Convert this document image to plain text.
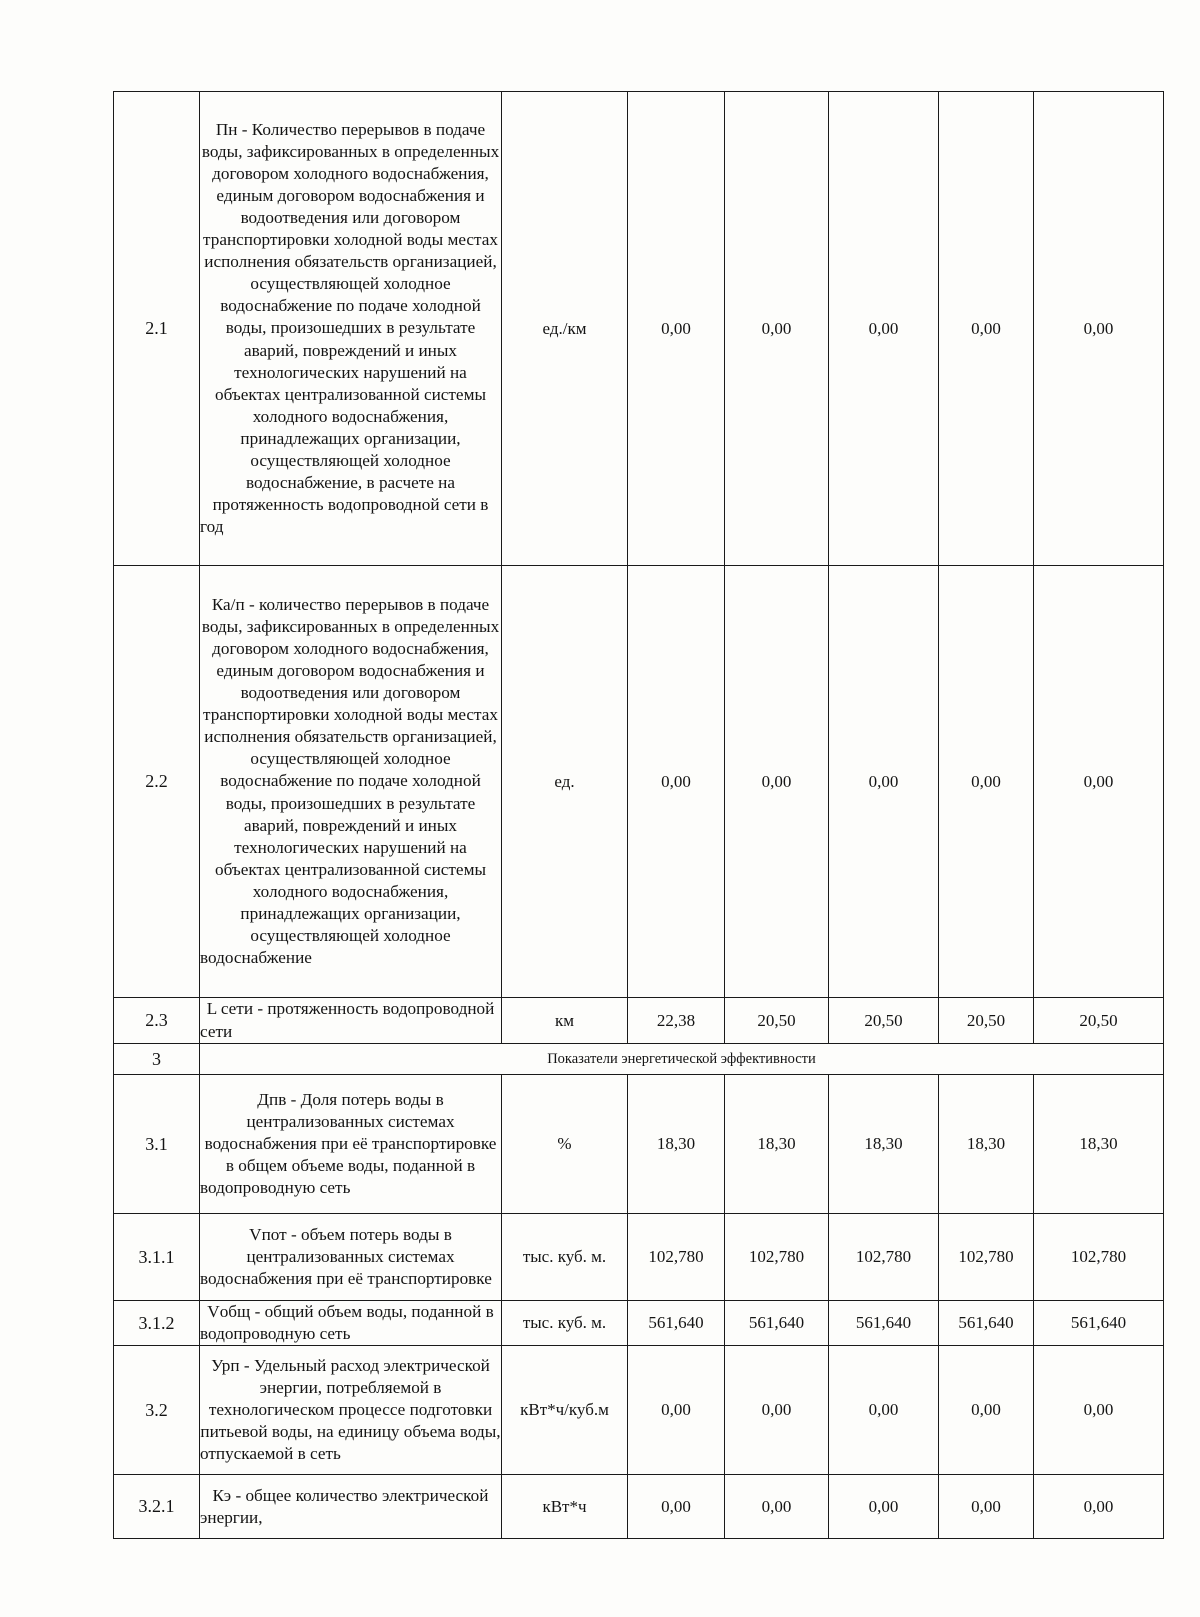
2.1	Пн - Количество перерывов в подаче воды, зафиксированных в определенных договором холодного водоснабжения, единым договором водоснабжения и водоотведения или договором транспортировки холодной воды местах исполнения обязательств организацией, осуществляющей холодное водоснабжение по подаче холодной воды, произошедших в результате аварий, повреждений и иных технологических нарушений на объектах централизованной системы холодного водоснабжения, принадлежащих организации, осуществляющей холодное водоснабжение, в расчете на протяженность водопроводной сети в год	ед./км	0,00	0,00	0,00	0,00	0,00
2.2	Ка/п - количество перерывов в подаче воды, зафиксированных в определенных договором холодного водоснабжения, единым договором водоснабжения и водоотведения или договором транспортировки холодной воды местах исполнения обязательств организацией, осуществляющей холодное водоснабжение по подаче холодной воды, произошедших в результате аварий, повреждений и иных технологических нарушений на объектах централизованной системы холодного водоснабжения, принадлежащих организации, осуществляющей холодное водоснабжение	ед.	0,00	0,00	0,00	0,00	0,00
2.3	L сети - протяженность водопроводной сети	км	22,38	20,50	20,50	20,50	20,50
3	Показатели энергетической эффективности						
3.1	Дпв - Доля потерь воды в централизованных системах водоснабжения при её транспортировке в общем объеме воды, поданной в водопроводную сеть	%	18,30	18,30	18,30	18,30	18,30
3.1.1	Vпот - объем потерь воды в централизованных системах водоснабжения при её транспортировке	тыс. куб. м.	102,780	102,780	102,780	102,780	102,780
3.1.2	Vобщ - общий объем воды, поданной в водопроводную сеть	тыс. куб. м.	561,640	561,640	561,640	561,640	561,640
3.2	Урп - Удельный расход электрической энергии, потребляемой в технологическом процессе подготовки питьевой воды, на единицу объема воды, отпускаемой в сеть	кВт*ч/куб.м	0,00	0,00	0,00	0,00	0,00
3.2.1	Кэ - общее количество электрической энергии,	кВт*ч	0,00	0,00	0,00	0,00	0,00
